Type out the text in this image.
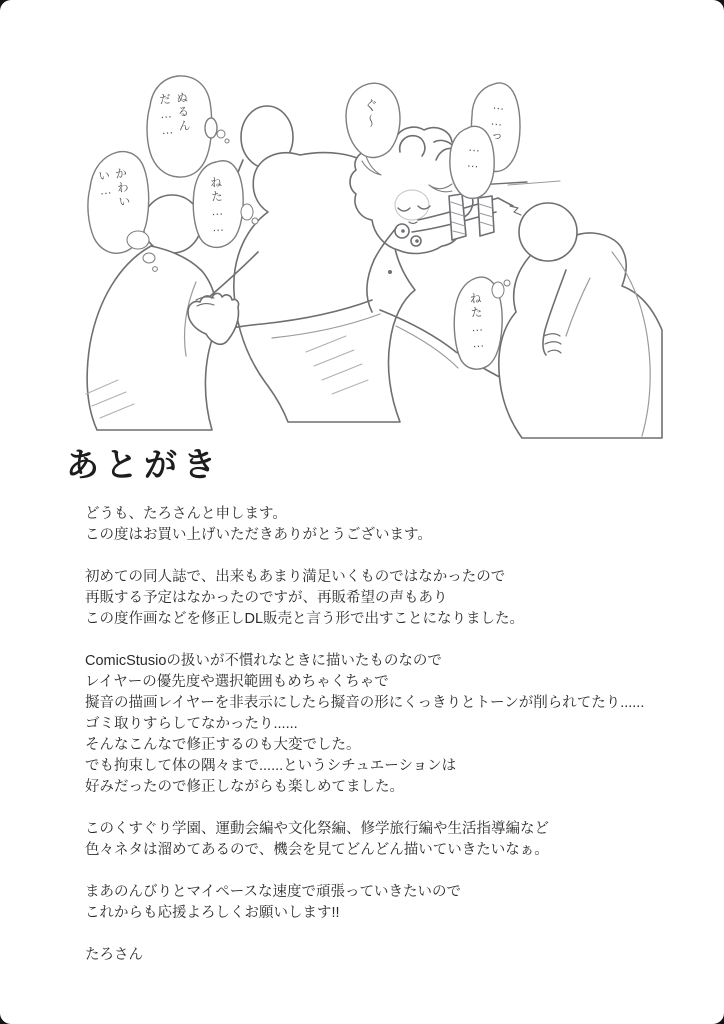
ぬるんだ……
かわいい…	ねた……
ぐ～	……っ
……
ねた……
あとがき

どうも、たろさんと申します。
この度はお買い上げいただきありがとうございます。

初めての同人誌で、出来もあまり満足いくものではなかったので
再販する予定はなかったのですが、再販希望の声もあり
この度作画などを修正しDL販売と言う形で出すことになりました。

ComicStusioの扱いが不慣れなときに描いたものなので
レイヤーの優先度や選択範囲もめちゃくちゃで
擬音の描画レイヤーを非表示にしたら擬音の形にくっきりとトーンが削られてたり......
ゴミ取りすらしてなかったり......
そんなこんなで修正するのも大変でした。
でも拘束して体の隅々まで......というシチュエーションは
好みだったので修正しながらも楽しめてました。

このくすぐり学園、運動会編や文化祭編、修学旅行編や生活指導編など
色々ネタは溜めてあるので、機会を見てどんどん描いていきたいなぁ。

まあのんびりとマイペースな速度で頑張っていきたいので
これからも応援よろしくお願いします!!

たろさん
